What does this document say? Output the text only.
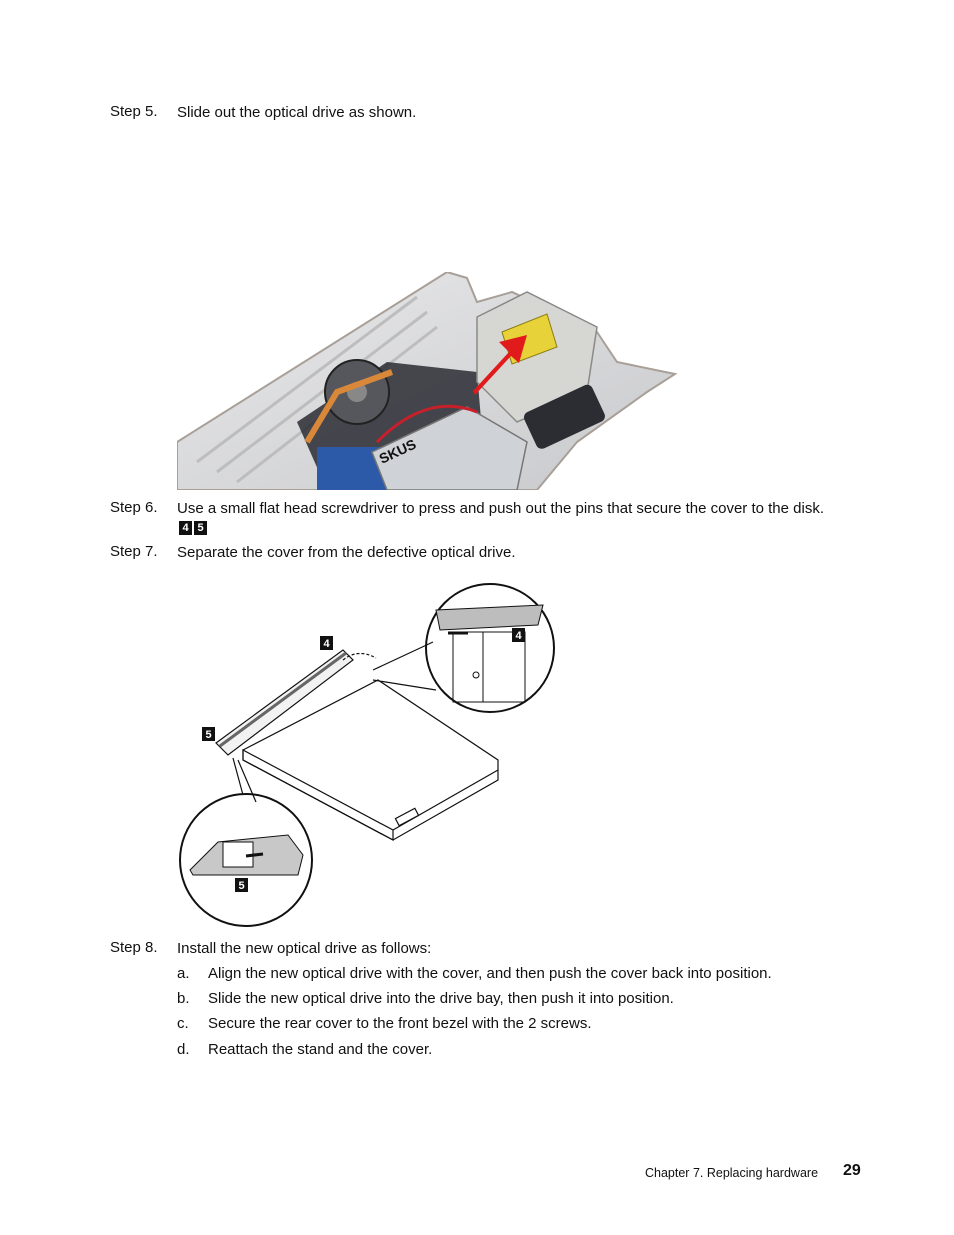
Step 5. Slide out the optical drive as shown.
SKUS
Step 6. Use a small flat head screwdriver to press and push out the pins that secure the cover to the disk. 4 5
Step 7. Separate the cover from the defective optical drive.
4
5
4
5
Step 8. Install the new optical drive as follows:
a. Align the new optical drive with the cover, and then push the cover back into position.
b. Slide the new optical drive into the drive bay, then push it into position.
c. Secure the rear cover to the front bezel with the 2 screws.
d. Reattach the stand and the cover.
Chapter 7. Replacing hardware 29
